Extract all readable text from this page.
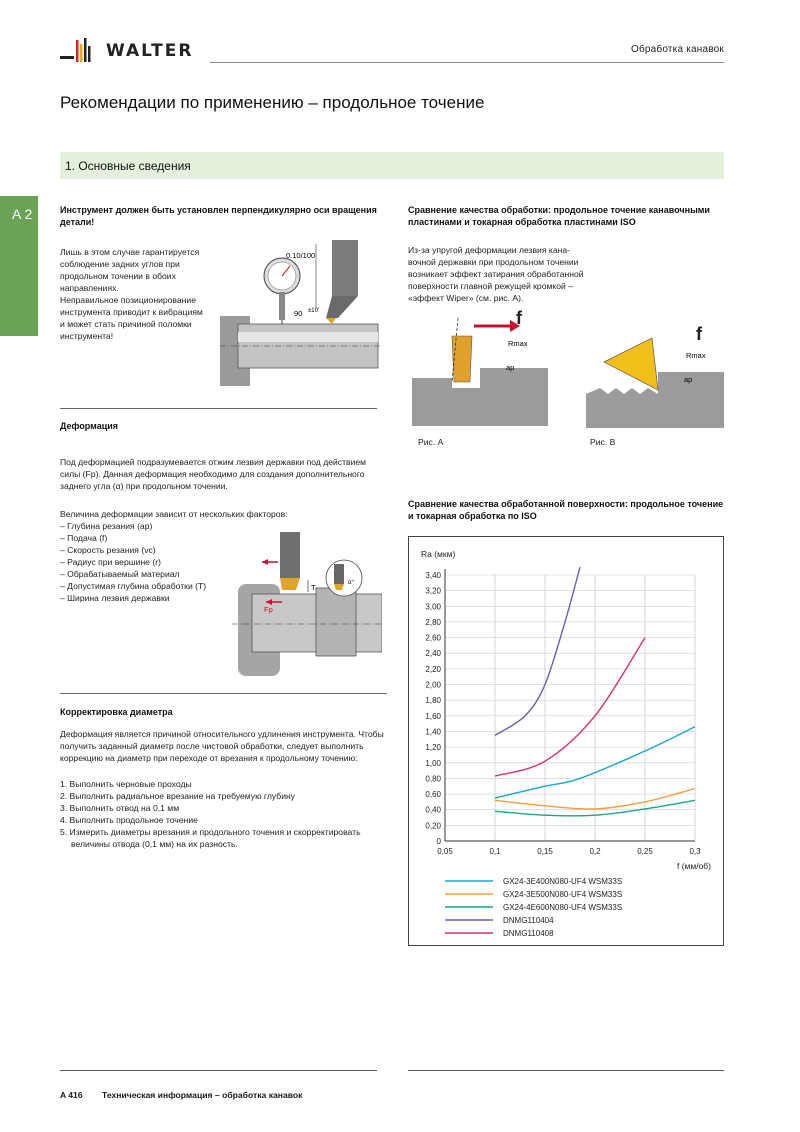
WALTER	Обработка канавок
Рекомендации по применению – продольное точение
1. Основные сведения
A 2	Инструмент должен быть установлен перпендикулярно оси вращения детали!
Лишь в этом случае гарантируется
соблюдение задних углов при
продольном точении в обоих
направлениях.
Неправильное позиционирование
инструмента приводит к вибрациям
и может стать причиной поломки
инструмента!
0.10/100
90 ±10'
Деформация
Под деформацией подразумевается отжим лезвия державки под действием
силы (Fp). Данная деформация необходимо для создания дополнительного
заднего угла (α) при продольном точении.
Величина деформации зависит от нескольких факторов:
– Глубина резания (ap)
– Подача (f)
– Скорость резания (vc)
– Радиус при вершине (r)
– Обрабатываемый материал
– Допустимая глубина обработки (T)
– Ширина лезвия державки
Fp
T	α°
Корректировка диаметра
Деформация является причиной относительного удлинения инструмента. Чтобы
получить заданный диаметр после чистовой обработки, следует выполнить
коррекцию на диаметр при переходе от врезания к продольному точению:
1. Выполнить черновые проходы
2. Выполнить радиальное врезание на требуемую глубину
3. Выполнить отвод на 0,1 мм
4. Выполнить продольное точение
5. Измерить диаметры врезания и продольного точения и скорректировать
величины отвода (0,1 мм) на их разность.
Сравнение качества обработки: продольное точение канавочными
пластинами и токарная обработка пластинами ISO
Из-за упругой деформации лезвия кана-
вочной державки при продольном точении
возникает эффект затирания обработанной
поверхности главной режущей кромкой –
«эффект Wiper» (см. рис. A).
f
Rmax
ap
Рис. A
f
Rmax
ap
Рис. B
Сравнение качества обработанной поверхности: продольное точение
и токарная обработка по ISO
0
0,20
0,40
0,60
0,80
1,00
1,20
1,40
1,60
1,80
2,00
2,20
2,40
2,60
2,80
3,00
3,20
3,40
0,05	0,1	0,15	0,2	0,25	0,3
Ra (мкм)
f (мм/об)
GX24-3E400N080-UF4 WSM33S
GX24-3E500N080-UF4 WSM33S
GX24-4E600N080-UF4 WSM33S
DNMG110404
DNMG110408
A 416 Техническая информация – обработка канавок
